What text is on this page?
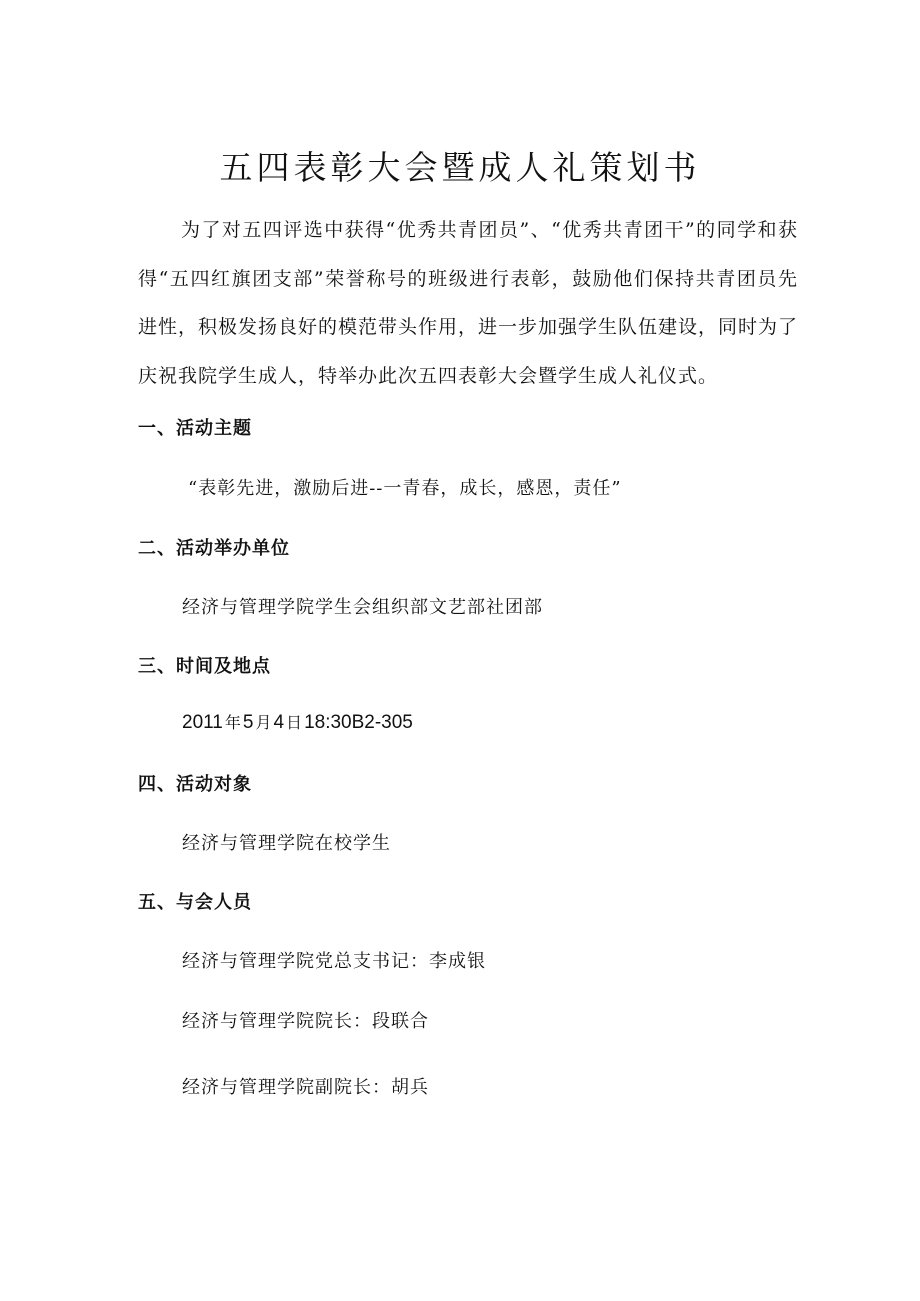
五四表彰大会暨成人礼策划书

为了对五四评选中获得“优秀共青团员”、“优秀共青团干”的同学和获得“五四红旗团支部”荣誉称号的班级进行表彰，鼓励他们保持共青团员先进性，积极发扬良好的模范带头作用，进一步加强学生队伍建设，同时为了庆祝我院学生成人，特举办此次五四表彰大会暨学生成人礼仪式。

一、活动主题

“表彰先进，激励后进--一青春，成长，感恩，责任”

二、活动举办单位

经济与管理学院学生会组织部文艺部社团部

三、时间及地点

2011 年 5 月 4 日 18:30B2-305

四、活动对象

经济与管理学院在校学生

五、与会人员

经济与管理学院党总支书记：李成银

经济与管理学院院长：段联合

经济与管理学院副院长：胡兵
